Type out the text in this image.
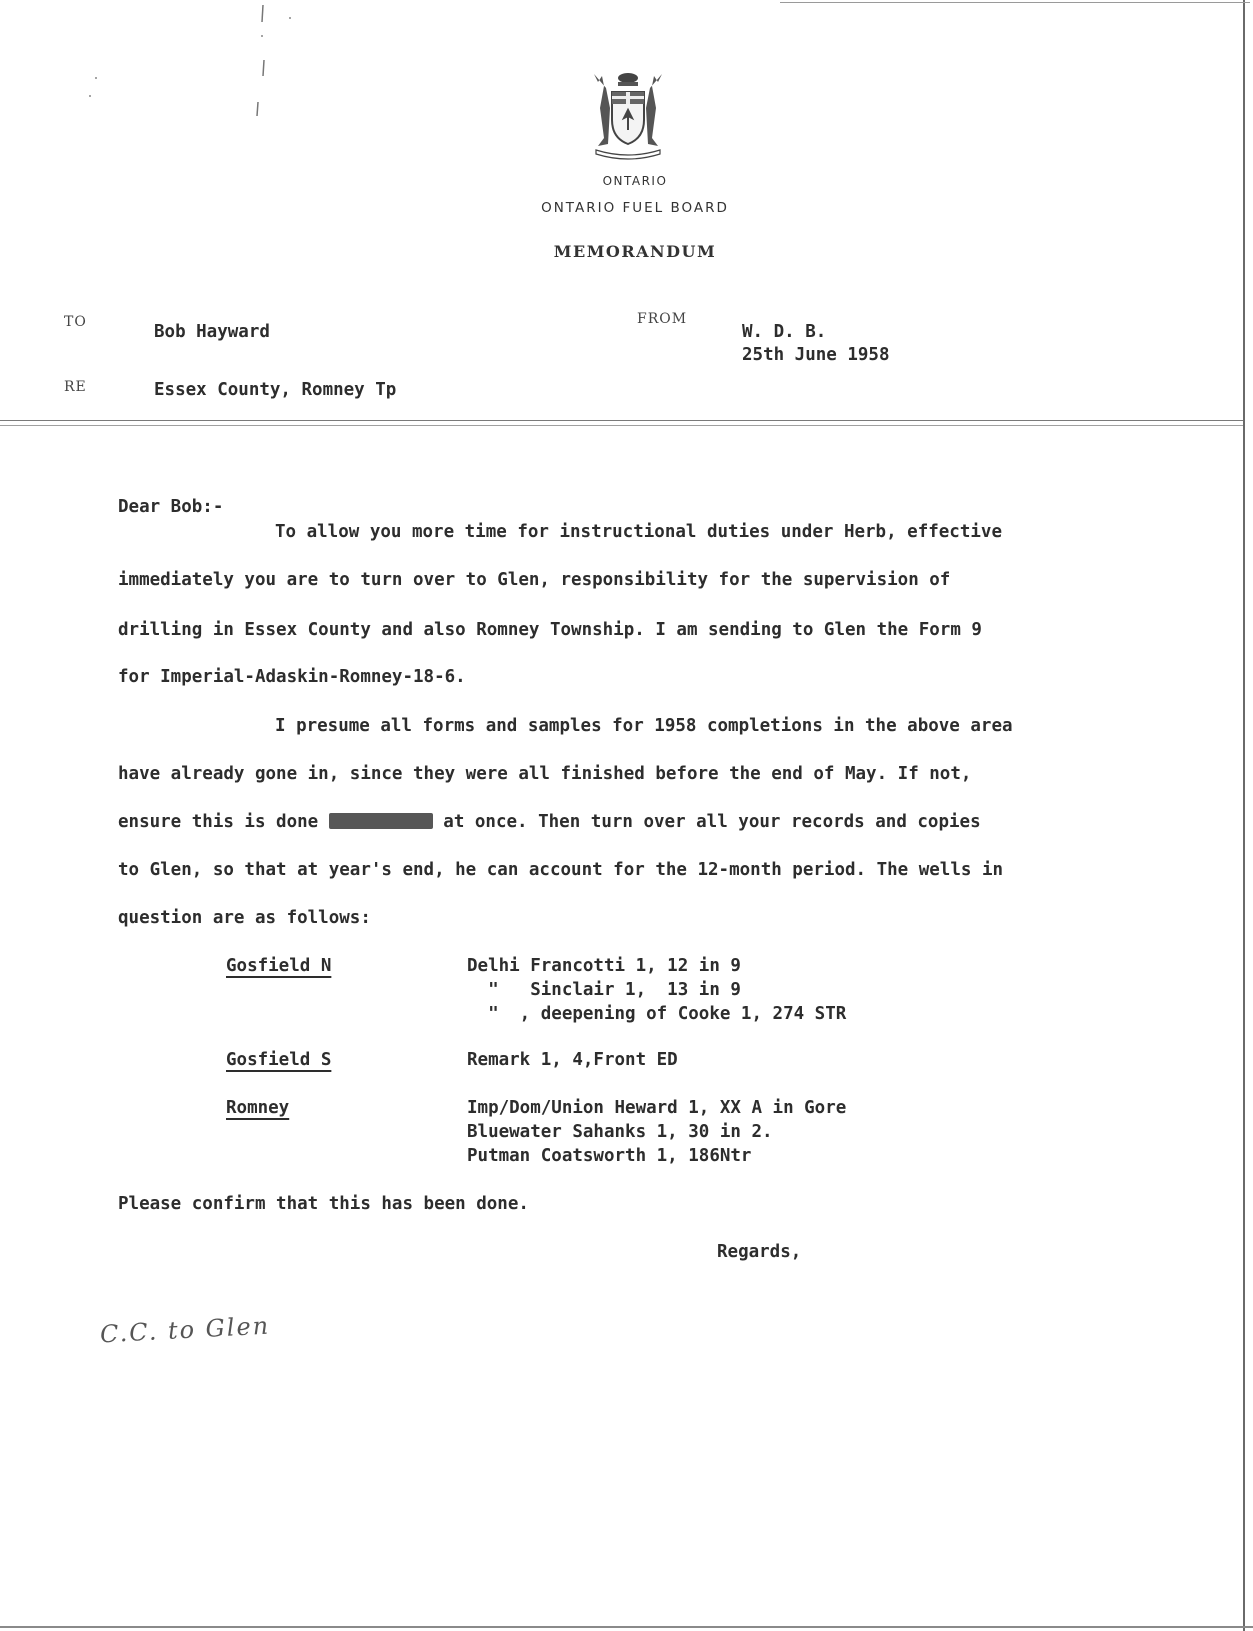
ONTARIO
ONTARIO FUEL BOARD
MEMORANDUM
TO	Bob Hayward
RE	Essex County, Romney Tp
FROM
W. D. B.
25th June 1958
Dear Bob:-
To allow you more time for instructional duties under Herb, effective
immediately you are to turn over to Glen, responsibility for the supervision of
drilling in Essex County and also Romney Township. I am sending to Glen the Form 9
for Imperial-Adaskin-Romney-18-6.
I presume all forms and samples for 1958 completions in the above area
have already gone in, since they were all finished before the end of May. If not,
ensure this is done	at once. Then turn over all your records and copies
to Glen, so that at year's end, he can account for the 12-month period. The wells in
question are as follows:
Gosfield N	Delhi Francotti 1, 12 in 9
"   Sinclair 1,  13 in 9
"  , deepening of Cooke 1, 274 STR
Gosfield S	Remark 1, 4,Front ED
Romney	Imp/Dom/Union Heward 1, XX A in Gore
Bluewater Sahanks 1, 30 in 2.
Putman Coatsworth 1, 186Ntr
Please confirm that this has been done.
Regards,
C.C. to Glen
